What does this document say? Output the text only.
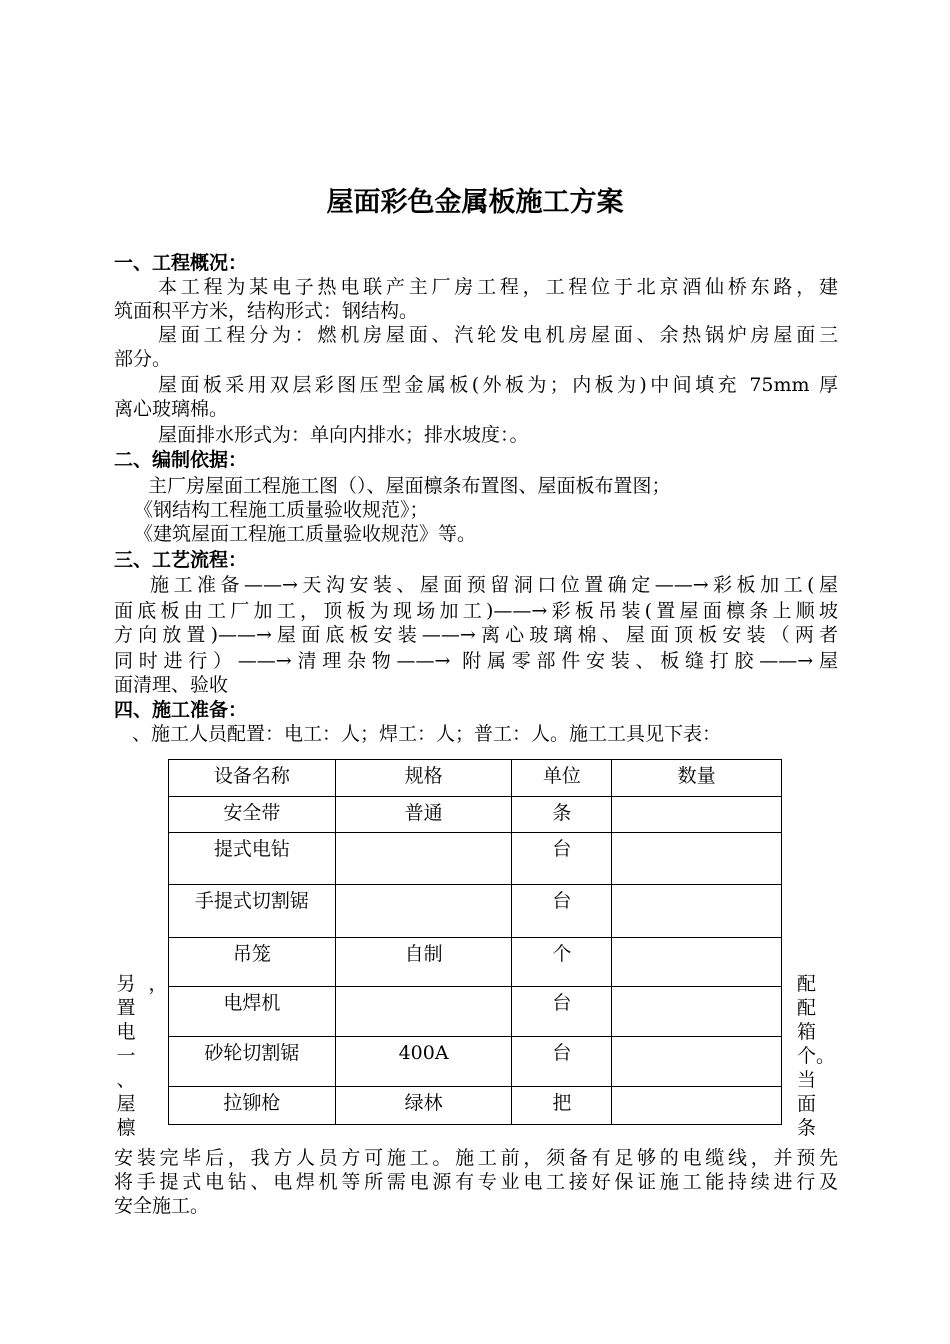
屋面彩色金属板施工方案
一、工程概况：
本工程为某电子热电联产主厂房工程，工程位于北京酒仙桥东路，建
筑面积平方米，结构形式：钢结构。
屋面工程分为：燃机房屋面、汽轮发电机房屋面、余热锅炉房屋面三
部分。
屋面板采用双层彩图压型金属板(外板为；内板为)中间填充 75mm 厚
离心玻璃棉。
屋面排水形式为：单向内排水；排水坡度：。
二、编制依据：
主厂房屋面工程施工图（）、屋面檩条布置图、屋面板布置图；
《钢结构工程施工质量验收规范》；
《建筑屋面工程施工质量验收规范》等。
三、工艺流程：
施工准备——→天沟安装、屋面预留洞口位置确定——→彩板加工(屋
面底板由工厂加工，顶板为现场加工)——→彩板吊装(置屋面檩条上顺坡
方向放置)——→屋面底板安装——→离心玻璃棉、屋面顶板安装（两者
同时进行）——→清理杂物——→ 附属零部件安装、板缝打胶——→屋
面清理、验收
四、施工准备：
、施工人员配置：电工：人；焊工：人；普工：人。施工工具见下表：
设备名称	规格	单位	数量
安全带	普通	条	
提式电钻		台	
手提式切割锯		台	
吊笼	自制	个	
电焊机		台	
砂轮切割锯	400A	台	
拉铆枪	绿林	把	
另
置
电
一
、
屋
檩
，	配
配
箱
个。
当
面
条
安装完毕后，我方人员方可施工。施工前，须备有足够的电缆线，并预先
将手提式电钻、电焊机等所需电源有专业电工接好保证施工能持续进行及
安全施工。
